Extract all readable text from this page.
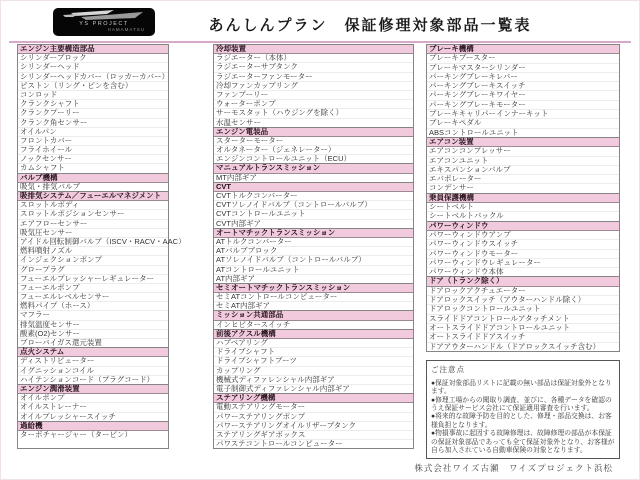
YS PROJECT
HAMAMATSU	あんしんプラン　保証修理対象部品一覧表
エンジン主要構造部品
シリンダーブロック
シリンダーヘッド
シリンダーヘッドカバー（ロッカーカバー）
ピストン（リング・ピンを含む）
コンロッド
クランクシャフト
クランクプーリー
クランク角センサー
オイルパン
フロントカバー
フライホイール
ノックセンサー
カムシャフト
バルブ機構
吸気・排気バルブ
吸排気システム／フューエルマネジメント
スロットルボディ
スロットルポジションセンサー
エアフローセンサー
吸気圧センサー
アイドル回転制御バルブ（ISCV・RACV・AAC）
燃料噴射ノズル
インジェクションポンプ
グロープラグ
フューエルプレッシャーレギュレーター
フューエルポンプ
フューエルレベルセンサー
燃料パイプ（ホース）
マフラー
排気温度センサー
酸素(O2)センサー
ブローバイガス還元装置
点火システム
ディストリビューター
イグニッションコイル
ハイテンションコード（プラグコード）
エンジン潤滑装置
オイルポンプ
オイルストレーナー
オイルプレッシャースイッチ
過給機
ターボチャージャー（タービン）
冷却装置
ラジエーター（本体）
ラジエーターサブタンク
ラジエーターファンモーター
冷却ファンカップリング
ファンプーリー
ウォーターポンプ
サーモスタット（ハウジングを除く）
水温センサー
エンジン電装品
スターターモーター
オルタネーター（ジェネレーター）
エンジンコントロールユニット（ECU）
マニュアルトランスミッション
MT内部ギア
CVT
CVTトルクコンバーター
CVTソレノイドバルブ（コントロールバルブ）
CVTコントロールユニット
CVT内部ギア
オートマチックトランスミッション
ATトルクコンバーター
ATバルブブロック
ATソレノイドバルブ（コントロールバルブ）
ATコントロールユニット
AT内部ギア
セミオートマチックトランスミッション
セミATコントロールコンピューター
セミAT内部ギア
ミッション共通部品
インヒビタースイッチ
前後アクスル機構
ハブベアリング
ドライブシャフト
ドライブシャフトブーツ
カップリング
機械式ディファレンシャル内部ギア
電子制御式ディファレンシャル内部ギア
ステアリング機構
電動ステアリングモーター
パワーステアリングポンプ
パワーステアリングオイルリザーブタンク
ステアリングギアボックス
パワステコントロールコンピューター
ブレーキ機構
ブレーキブースター
ブレーキマスターシリンダー
パーキングブレーキレバー
パーキングブレーキスイッチ
パーキングブレーキワイヤー
パーキングブレーキモーター
ブレーキキャリパーインナーキット
ブレーキペダル
ABSコントロールユニット
エアコン装置
エアコンコンプレッサー
エアコンユニット
エキスパンションバルブ
エバポレーター
コンデンサー
乗員保護機構
シートベルト
シートベルトバックル
パワーウィンドウ
パワーウィンドウアンプ
パワーウィンドウスイッチ
パワーウィンドウモーター
パワーウィンドウレギュレーター
パワーウィンドウ本体
ドア（トランク除く）
ドアロックアクチュエーター
ドアロックスイッチ（アウターハンドル除く）
ドアロックコントロールユニット
スライドドアコントロールアタッチメント
オートスライドドアコントロールユニット
オートスライドドアスイッチ
ドアアウターハンドル（ドアロックスイッチ含む）
ご注意点
●保証対象部品リストに記載の無い部品は保証対象外となります。
●修理工場からの聞取り調査、並びに、各種データを確認のうえ保証サービス会社にて保証適用審査を行います。
●将来的な故障予防を目的とした、修理・部品交換は、お客様負担となります。
●物損事故に起因する故障修理は、故障修理の部品が本保証の保証対象部品であっても全て保証対象外となり、お客様が自ら加入されている自動車保険の対象となります。
株式会社ワイズ古瀬　ワイズプロジェクト浜松
